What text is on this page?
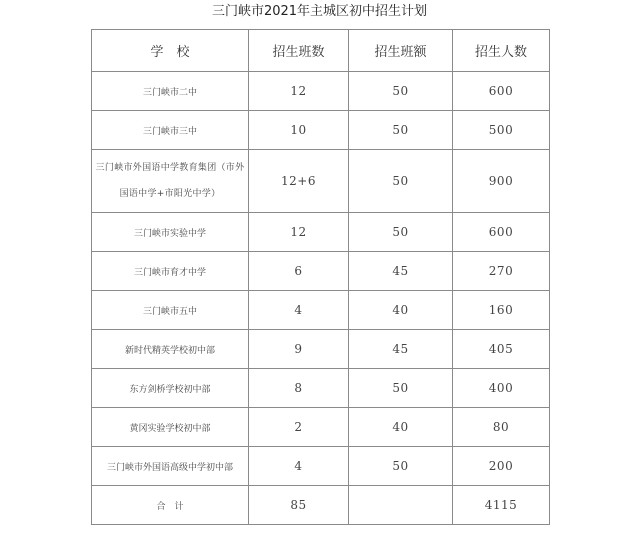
三门峡市2021年主城区初中招生计划
学　校	招生班数	招生班额	招生人数
三门峡市二中	12	50	600
三门峡市三中	10	50	500
三门峡市外国语中学教育集团（市外国语中学+市阳光中学）	12+6	50	900
三门峡市实验中学	12	50	600
三门峡市育才中学	6	45	270
三门峡市五中	4	40	160
新时代精英学校初中部	9	45	405
东方剑桥学校初中部	8	50	400
黄冈实验学校初中部	2	40	80
三门峡市外国语高级中学初中部	4	50	200
合　计	85		4115
